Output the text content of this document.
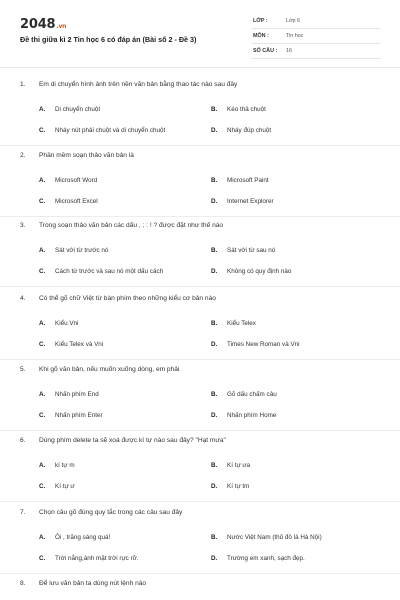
2048.vn
Đề thi giữa kì 2 Tin học 6 có đáp án (Bài số 2 - Đề 3)
LỚP :	Lớp 6
MÔN :	Tin học
SỐ CÂU : 16
1. Em di chuyển hình ảnh trên nền văn bản bằng thao tác nào sau đây
A. Di chuyển chuột	B. Kéo thả chuột
C. Nháy nút phải chuột và di chuyển chuột	D. Nháy đúp chuột
2. Phần mềm soạn thảo văn bản là
A. Microsoft Word	B. Microsoft Paint
C. Microsoft Excel	D. Internet Explorer
3. Trong soạn thảo văn bản các dấu , ; : ! ? được đặt như thế nào
A. Sát với từ trước nó	B. Sát với từ sau nó
C. Cách từ trước và sau nó một dấu cách	D. Không có quy định nào
4. Có thể gõ chữ Việt từ bàn phím theo những kiểu cơ bản nào
A. Kiểu Vni	B. Kiểu Telex
C. Kiểu Telex và Vni	D. Times New Roman và Vni
5. Khi gõ văn bản, nếu muốn xuống dòng, em phải
A. Nhấn phím End	B. Gõ dấu chấm câu
C. Nhấn phím Enter	D. Nhấn phím Home
6. Dùng phím delete ta sẽ xoá được kí tự nào sau đây? "Hạt mưa"
A. kí tự m	B. Kí tự ưa
C. Kí tự ư	D. Kí tự tm
7. Chọn câu gõ đúng quy tắc trong các câu sau đây
A. Ôi , trăng sáng quá!	B. Nước Việt Nam (thủ đô là Hà Nội)
C. Trời nắng,ánh mặt trời rực rỡ.	D. Trường em xanh, sạch đẹp.
8. Để lưu văn bản ta dùng nút lệnh nào
